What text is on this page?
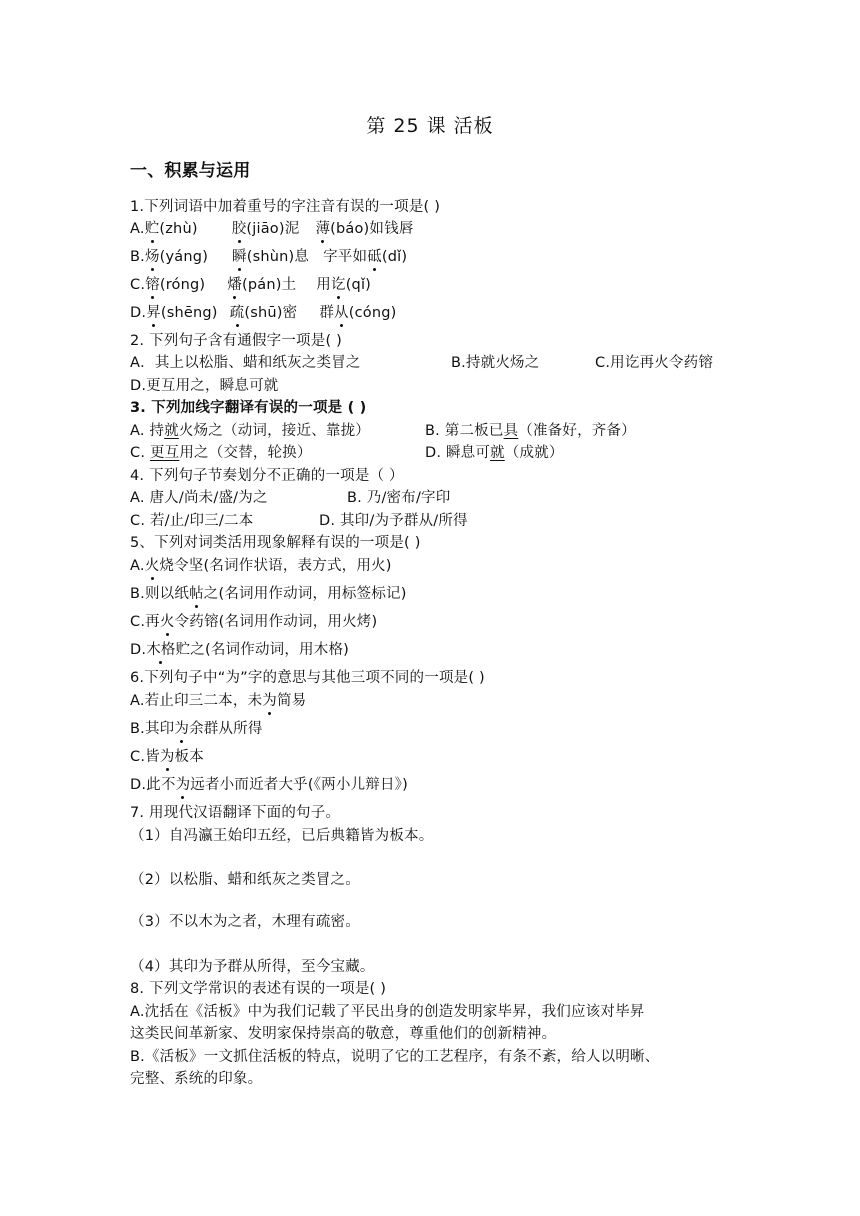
第 25 课 活板
一、积累与运用
1.下列词语中加着重号的字注音有误的一项是( )
A.贮(zhù) 胶(jiāo)泥 薄(báo)如钱唇
B.炀(yáng) 瞬(shùn)息 字平如砥(dǐ)
C.镕(róng) 燔(pán)土 用讫(qǐ)
D.昇(shēng) 疏(shū)密 群从(cóng)
2. 下列句子含有通假字一项是( )
A．其上以松脂、蜡和纸灰之类冒之	B.持就火炀之	C.用讫再火令药镕
D.更互用之，瞬息可就
3. 下列加线字翻译有误的一项是 ( )
A. 持就火炀之（动词，接近、靠拢）	B. 第二板已具（准备好，齐备）
C. 更互用之（交替，轮换）	D. 瞬息可就（成就）
4. 下列句子节奏划分不正确的一项是（ ）
A. 唐人/尚未/盛/为之	B. 乃/密布/字印
C. 若/止/印三/二本	D. 其印/为予群从/所得
5、下列对词类活用现象解释有误的一项是( )
A.火烧令坚(名词作状语，表方式，用火)
B.则以纸帖之(名词用作动词，用标签标记)
C.再火令药镕(名词用作动词，用火烤)
D.木格贮之(名词作动词，用木格)
6.下列句子中“为”字的意思与其他三项不同的一项是( )
A.若止印三二本，未为简易
B.其印为余群从所得
C.皆为板本
D.此不为远者小而近者大乎(《两小儿辩日》)
7. 用现代汉语翻译下面的句子。
（1）自冯瀛王始印五经，已后典籍皆为板本。
（2）以松脂、蜡和纸灰之类冒之。
（3）不以木为之者，木理有疏密。
（4）其印为予群从所得，至今宝藏。
8. 下列文学常识的表述有误的一项是( )
A.沈括在《活板》中为我们记载了平民出身的创造发明家毕昇，我们应该对毕昇
这类民间革新家、发明家保持崇高的敬意，尊重他们的创新精神。
B.《活板》一文抓住活板的特点，说明了它的工艺程序，有条不紊，给人以明晰、
完整、系统的印象。
